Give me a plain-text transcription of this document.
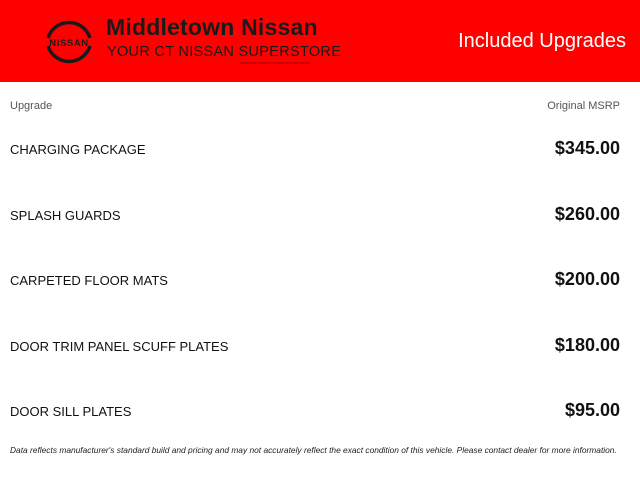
NISSAN
Middletown Nissan
YOUR CT NISSAN SUPERSTORE	Included Upgrades
Upgrade	Original MSRP
CHARGING PACKAGE	$345.00
SPLASH GUARDS	$260.00
CARPETED FLOOR MATS	$200.00
DOOR TRIM PANEL SCUFF PLATES	$180.00
DOOR SILL PLATES	$95.00
Data reflects manufacturer's standard build and pricing and may not accurately reflect the exact condition of this vehicle. Please contact dealer for more information.
